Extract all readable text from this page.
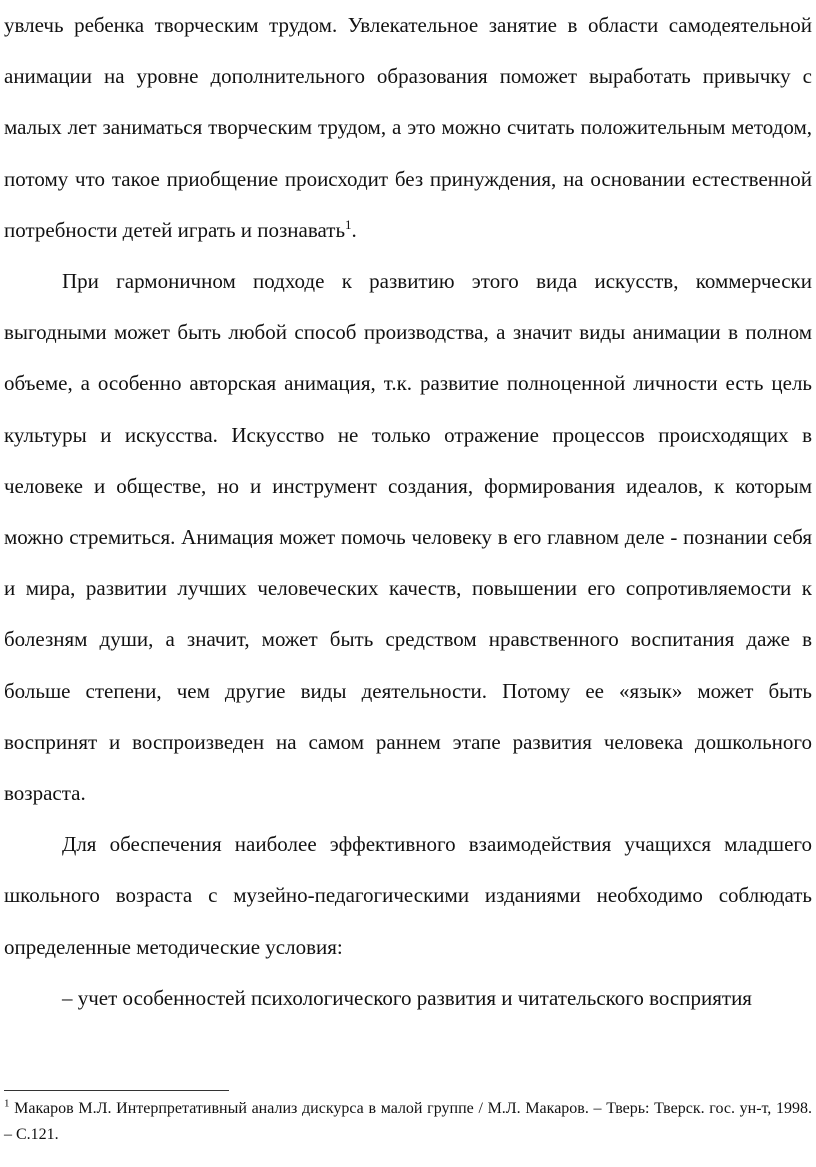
увлечь ребенка творческим трудом. Увлекательное занятие в области самодеятельной анимации на уровне дополнительного образования поможет выработать привычку с малых лет заниматься творческим трудом, а это можно считать положительным методом, потому что такое приобщение происходит без принуждения, на основании естественной потребности детей играть и познавать$^1$.

При гармоничном подходе к развитию этого вида искусств, коммерчески выгодными может быть любой способ производства, а значит виды анимации в полном объеме, а особенно авторская анимация, т.к. развитие полноценной личности есть цель культуры и искусства. Искусство не только отражение процессов происходящих в человеке и обществе, но и инструмент создания, формирования идеалов, к которым можно стремиться. Анимация может помочь человеку в его главном деле - познании себя и мира, развитии лучших человеческих качеств, повышении его сопротивляемости к болезням души, а значит, может быть средством нравственного воспитания даже в больше степени, чем другие виды деятельности. Потому ее «язык» может быть воспринят и воспроизведен на самом раннем этапе развития человека дошкольного возраста.

Для обеспечения наиболее эффективного взаимодействия учащихся младшего школьного возраста с музейно-педагогическими изданиями необходимо соблюдать определенные методические условия:

– учет особенностей психологического развития и читательского восприятия

$^1$ Макаров М.Л. Интерпретативный анализ дискурса в малой группе / М.Л. Макаров. – Тверь: Тверск. гос. ун-т, 1998. – С.121.
